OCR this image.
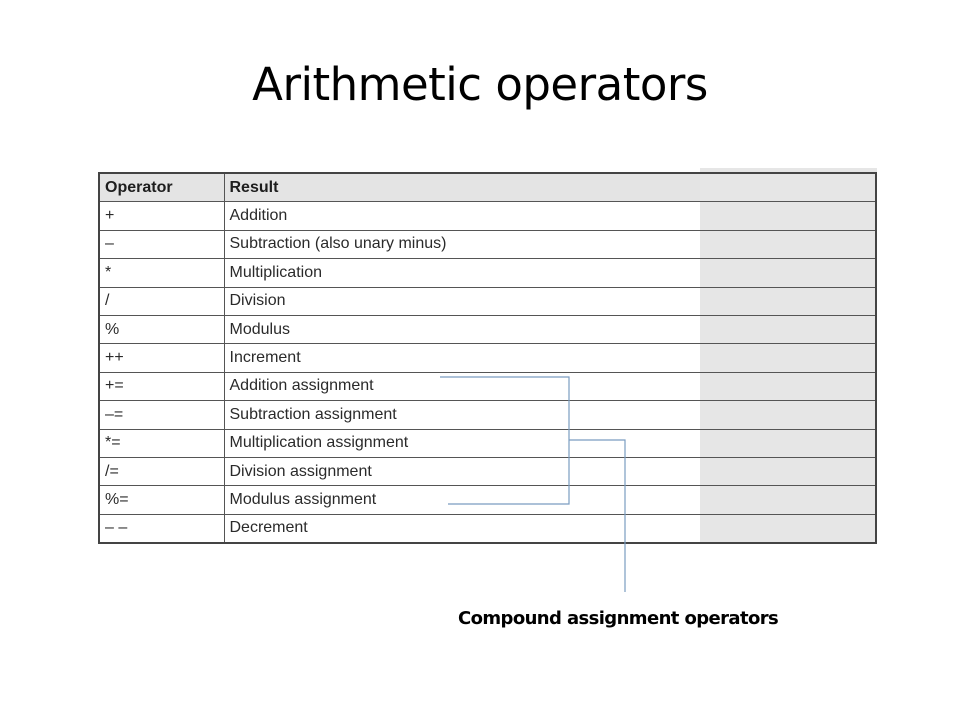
Arithmetic operators
Operator	Result	
+	Addition	
–	Subtraction (also unary minus)	
*	Multiplication	
/	Division	
%	Modulus	
++	Increment	
+=	Addition assignment	
–=	Subtraction assignment	
*=	Multiplication assignment	
/=	Division assignment	
%=	Modulus assignment	
– –	Decrement	
Compound assignment operators
